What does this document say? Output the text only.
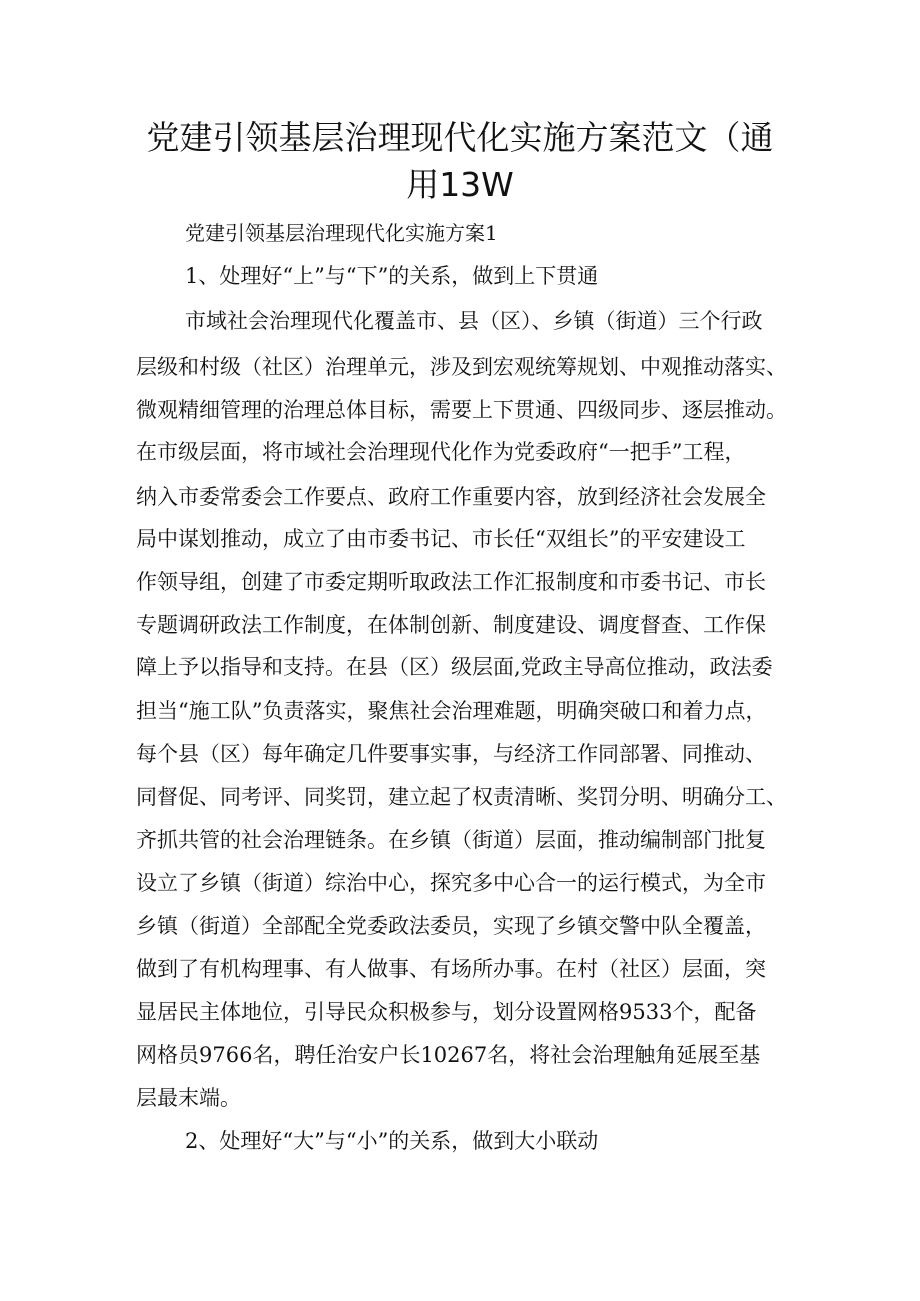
党建引领基层治理现代化实施方案范文（通
用13W

党建引领基层治理现代化实施方案1

1、处理好“上”与“下”的关系，做到上下贯通

市域社会治理现代化覆盖市、县（区）、乡镇（街道）三个行政

层级和村级（社区）治理单元，涉及到宏观统筹规划、中观推动落实、

微观精细管理的治理总体目标，需要上下贯通、四级同步、逐层推动。

在市级层面，将市域社会治理现代化作为党委政府“一把手”工程，

纳入市委常委会工作要点、政府工作重要内容，放到经济社会发展全

局中谋划推动，成立了由市委书记、市长任“双组长”的平安建设工

作领导组，创建了市委定期听取政法工作汇报制度和市委书记、市长

专题调研政法工作制度，在体制创新、制度建设、调度督查、工作保

障上予以指导和支持。在县（区）级层面,党政主导高位推动，政法委

担当“施工队”负责落实，聚焦社会治理难题，明确突破口和着力点，

每个县（区）每年确定几件要事实事，与经济工作同部署、同推动、

同督促、同考评、同奖罚，建立起了权责清晰、奖罚分明、明确分工、

齐抓共管的社会治理链条。在乡镇（街道）层面，推动编制部门批复

设立了乡镇（街道）综治中心，探究多中心合一的运行模式，为全市

乡镇（街道）全部配全党委政法委员，实现了乡镇交警中队全覆盖，

做到了有机构理事、有人做事、有场所办事。在村（社区）层面，突

显居民主体地位，引导民众积极参与，划分设置网格9533个，配备

网格员9766名，聘任治安户长10267名，将社会治理触角延展至基

层最末端。

2、处理好“大”与“小”的关系，做到大小联动
